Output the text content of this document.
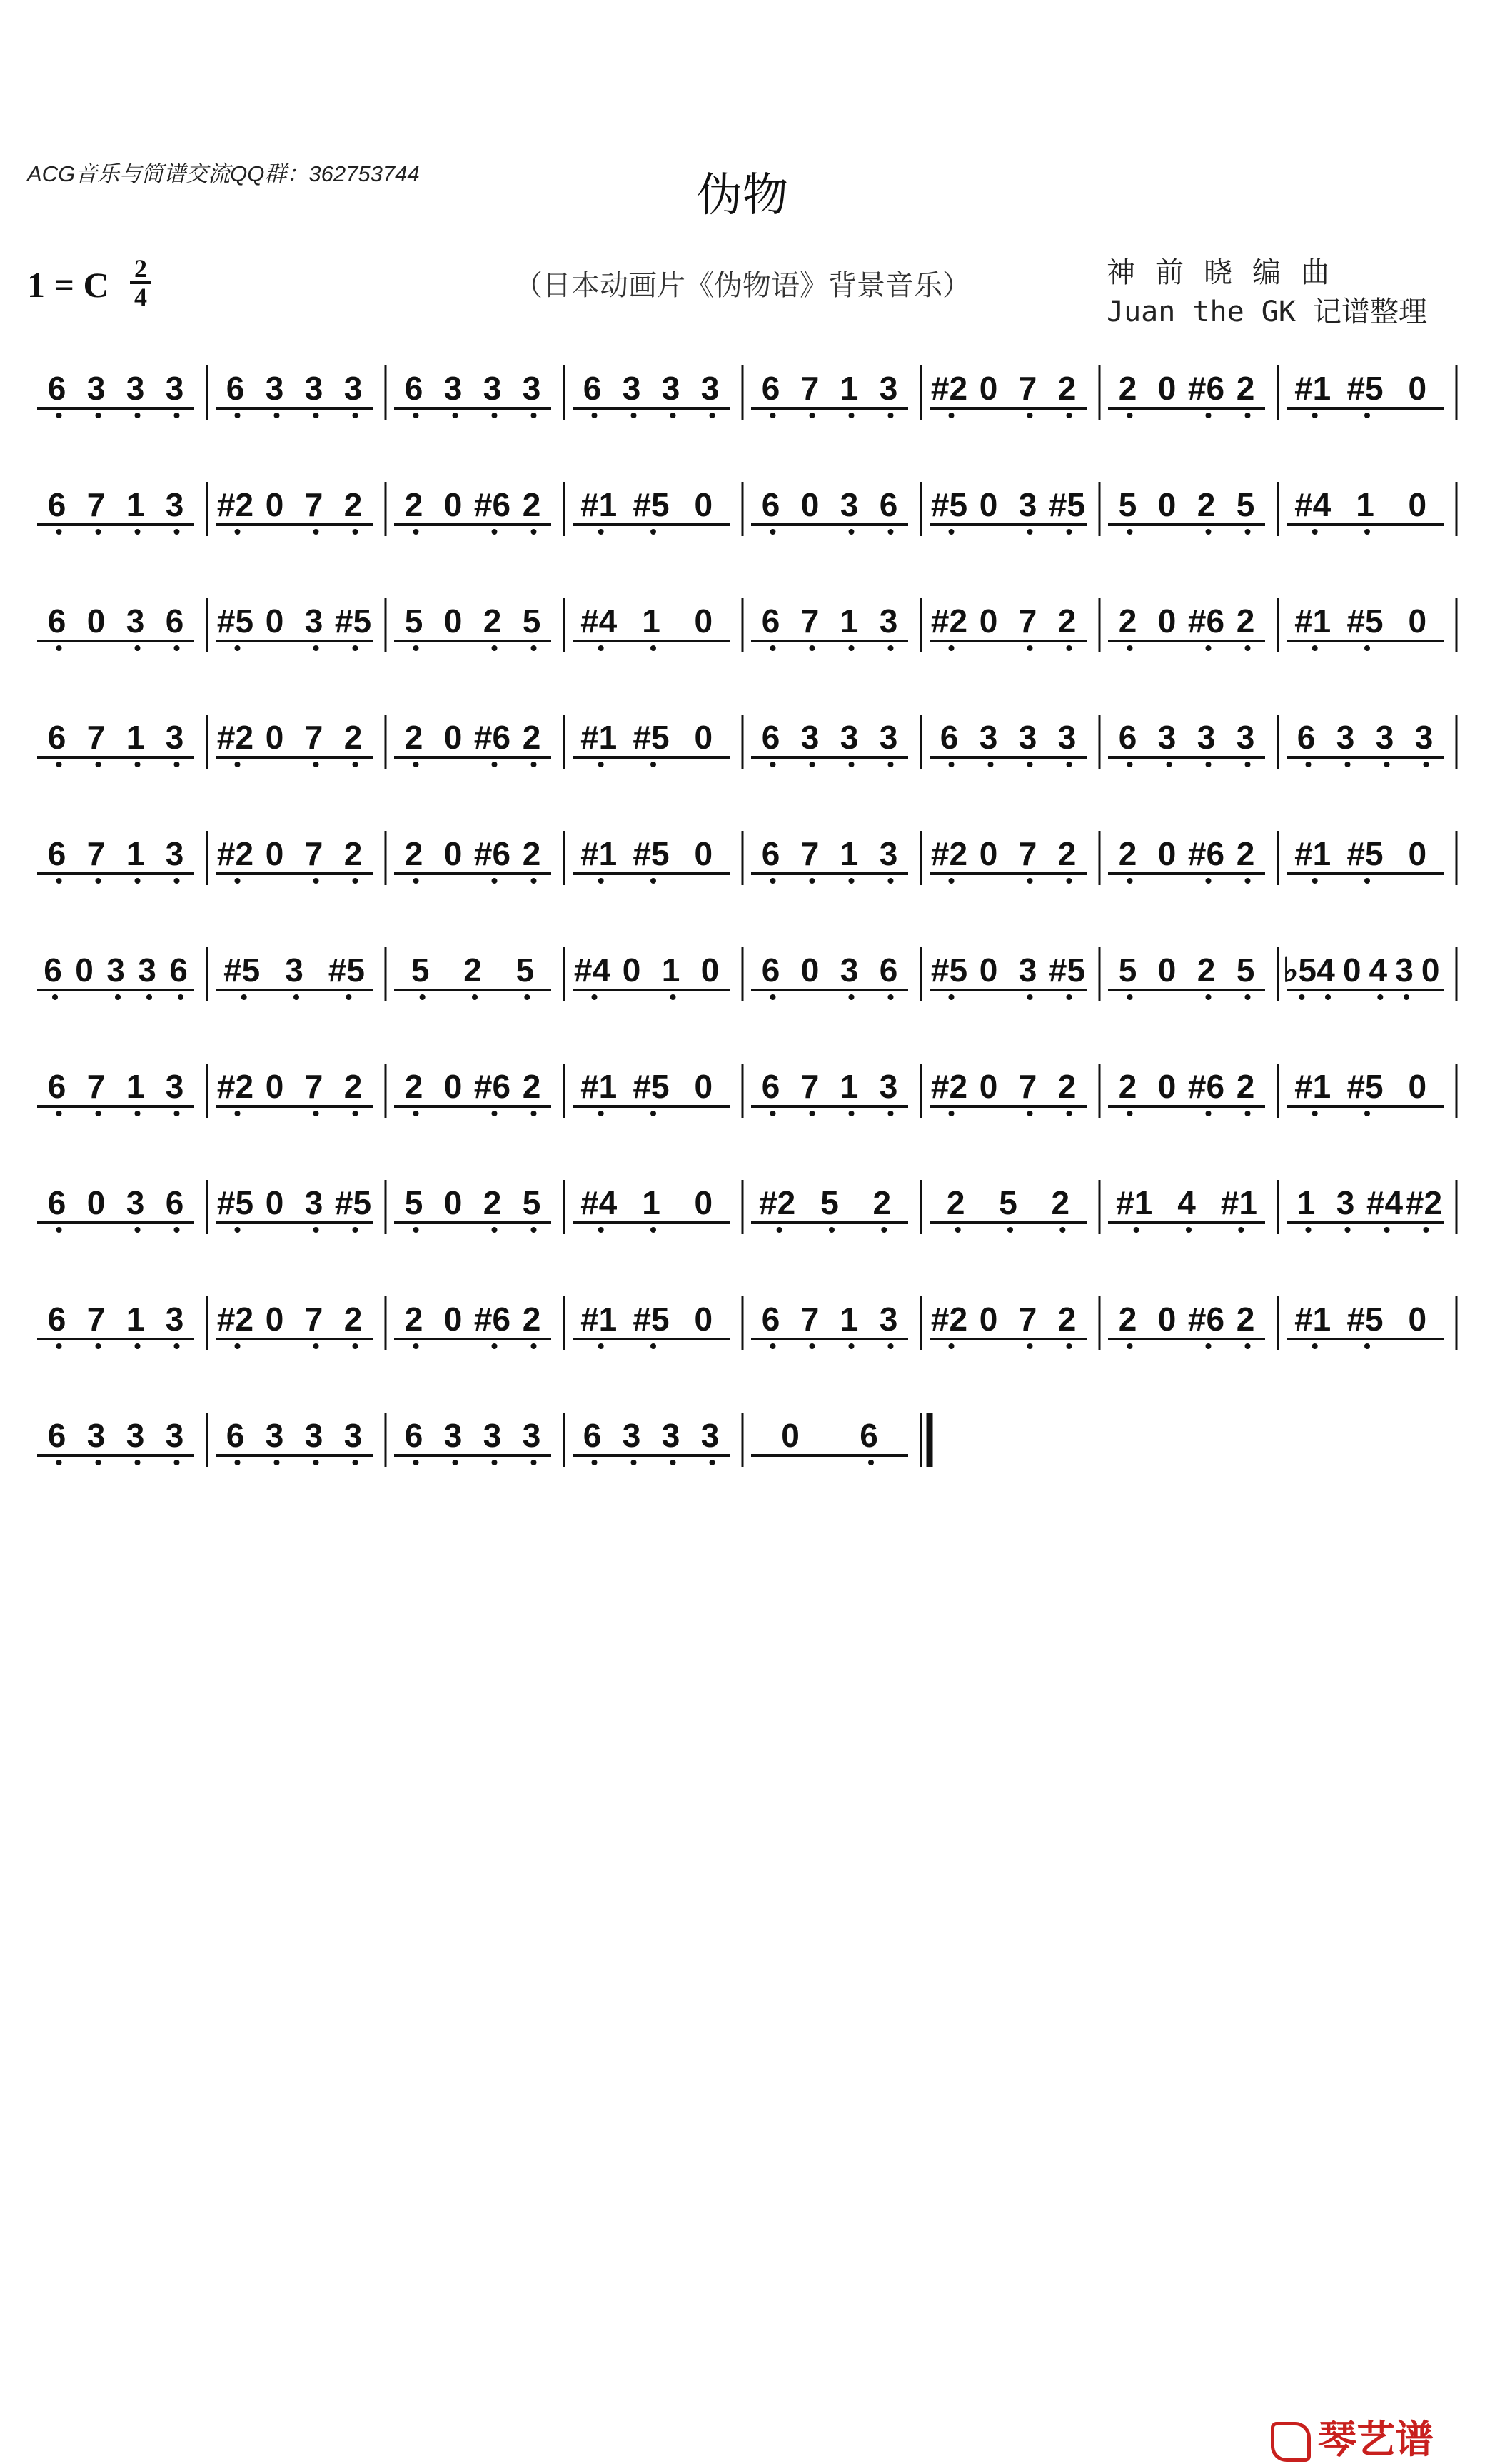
ACG音乐与简谱交流QQ群：362753744	伪物
1 = C 2
4	（日本动画片《伪物语》背景音乐）	神前晓编曲
Juan the GK 记谱整理
6 3 3 3 6 3 3 3 6 3 3 3 6 3 3 3 6 7 1 3 #2 0 7 2 2 0 #6 2 #1 #5 0
6 7 1 3 #2 0 7 2 2 0 #6 2 #1 #5 0 6 0 3 6 #5 0 3 #5 5 0 2 5 #4 1 0
6 0 3 6 #5 0 3 #5 5 0 2 5 #4 1 0 6 7 1 3 #2 0 7 2 2 0 #6 2 #1 #5 0
6 7 1 3 #2 0 7 2 2 0 #6 2 #1 #5 0 6 3 3 3 6 3 3 3 6 3 3 3 6 3 3 3
6 7 1 3 #2 0 7 2 2 0 #6 2 #1 #5 0 6 7 1 3 #2 0 7 2 2 0 #6 2 #1 #5 0
6 0 3 3 6 #5 3 #5 5 2 5 #4 0 1 0 6 0 3 6 #5 0 3 #5 5 0 2 5 ♭5 4 0 4 3 0
6 7 1 3 #2 0 7 2 2 0 #6 2 #1 #5 0 6 7 1 3 #2 0 7 2 2 0 #6 2 #1 #5 0
6 0 3 6 #5 0 3 #5 5 0 2 5 #4 1 0 #2 5 2 2 5 2 #1 4 #1 1 3 #4 #2
6 7 1 3 #2 0 7 2 2 0 #6 2 #1 #5 0 6 7 1 3 #2 0 7 2 2 0 #6 2 #1 #5 0
6 3 3 3 6 3 3 3 6 3 3 3 6 3 3 3 0 6
琴艺谱
